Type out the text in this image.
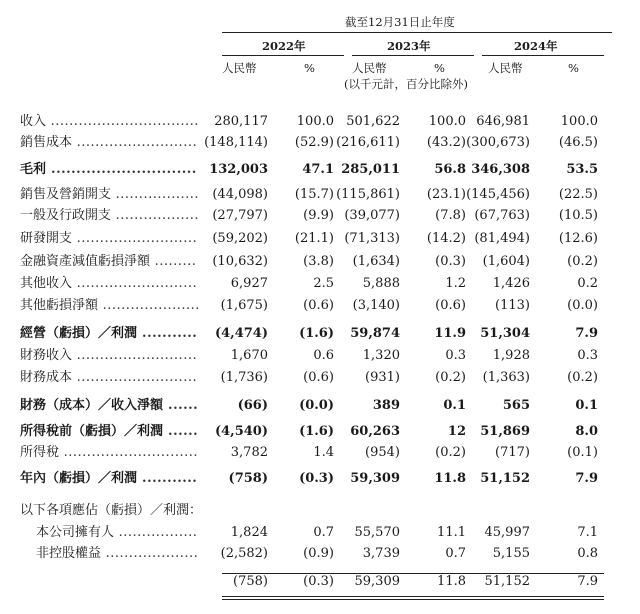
截至12月31日止年度
2022年	2023年	2024年
人民幣	%	人民幣	%	人民幣	%
(以千元計，百分比除外)
收入 ................................ 280,117 100.0 501,622 100.0 646,981 100.0
銷售成本 .......................... (148,114) (52.9) (216,611) (43.2) (300,673) (46.5)
毛利 ............................. 132,003	47.1 285,011	56.8 346,308	53.5
銷售及營銷開支 .................. (44,098) (15.7) (115,861) (23.1) (145,456) (22.5)
一般及行政開支 .................. (27,797)	(9.9) (39,077)	(7.8) (67,763) (10.5)
研發開支 .......................... (59,202) (21.1) (71,313) (14.2) (81,494) (12.6)
金融資產減值虧損淨額 ......... (10,632)	(3.8) (1,634)	(0.3) (1,604)	(0.2)
其他收入 ..........................	6,927	2.5 5,888	1.2 1,426	0.2
其他虧損淨額 ..................... (1,675)	(0.6) (3,140)	(0.6) (113)	(0.0)
經營（虧損）／利潤 ........... (4,474) (1.6) 59,874	11.9 51,304	7.9
財務收入 ..........................	1,670	0.6 1,320	0.3 1,928	0.3
財務成本 .......................... (1,736)	(0.6) (931)	(0.2) (1,363)	(0.2)
財務（成本）／收入淨額 ......	(66) (0.0)	389	0.1	565	0.1
所得稅前（虧損）／利潤 ...... (4,540) (1.6) 60,263	12 51,869	8.0
所得稅 .............................	3,782	1.4 (954)	(0.2) (717)	(0.1)
年內（虧損）／利潤 ........... (758) (0.3) 59,309	11.8 51,152	7.9
以下各項應佔（虧損）／利潤：
本公司擁有人 .................	1,824	0.7 55,570	11.1 45,997	7.1
非控股權益 .................... (2,582)	(0.9) 3,739	0.7 5,155	0.8
(758)	(0.3) 59,309	11.8 51,152	7.9
